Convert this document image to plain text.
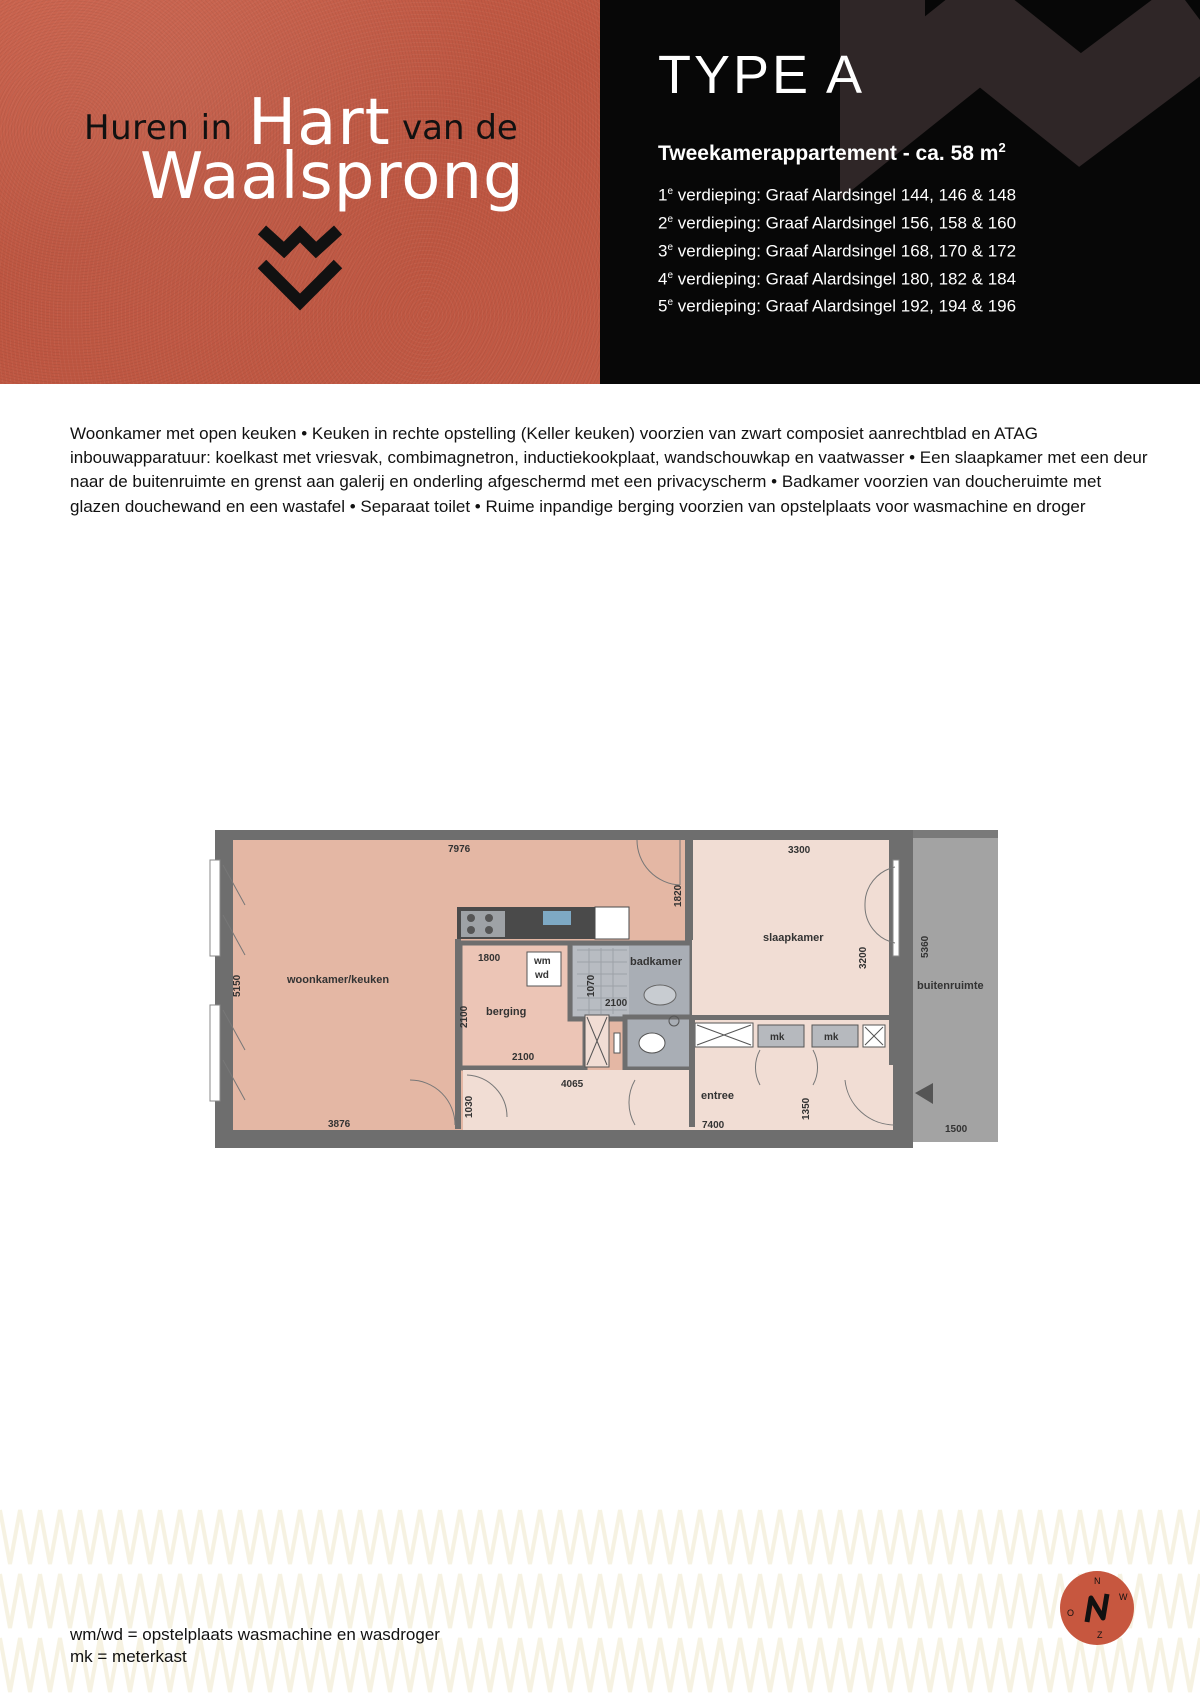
Huren in Hart van de
Waalsprong
TYPE A
Tweekamerappartement - ca. 58 $m^2$
1e verdieping: Graaf Alardsingel 144, 146 & 148
2e verdieping: Graaf Alardsingel 156, 158 & 160
3e verdieping: Graaf Alardsingel 168, 170 & 172
4e verdieping: Graaf Alardsingel 180, 182 & 184
5e verdieping: Graaf Alardsingel 192, 194 & 196

Woonkamer met open keuken • Keuken in rechte opstelling (Keller keuken) voorzien van zwart composiet aanrechtblad en ATAG inbouwapparatuur: koelkast met vriesvak, combimagnetron, inductiekookplaat, wandschouwkap en vaatwasser • Een slaapkamer met een deur naar de buitenruimte en grenst aan galerij en onderling afgeschermd met een privacyscherm • Badkamer voorzien van doucheruimte met glazen douchewand en een wastafel • Separaat toilet • Ruime inpandige berging voorzien van opstelplaats voor wasmachine en droger

woonkamer/keuken
slaapkamer
badkamer
berging
entree
buitenruimte
wm
wd
mk	mk
7976	3300
5150
1820
1800
1070
2100
2100
2100
3200	5360
4065
1030
3876	7400
1350
1500
wm/wd = opstelplaats wasmachine en wasdroger
mk = meterkast
N
W
O
Z
